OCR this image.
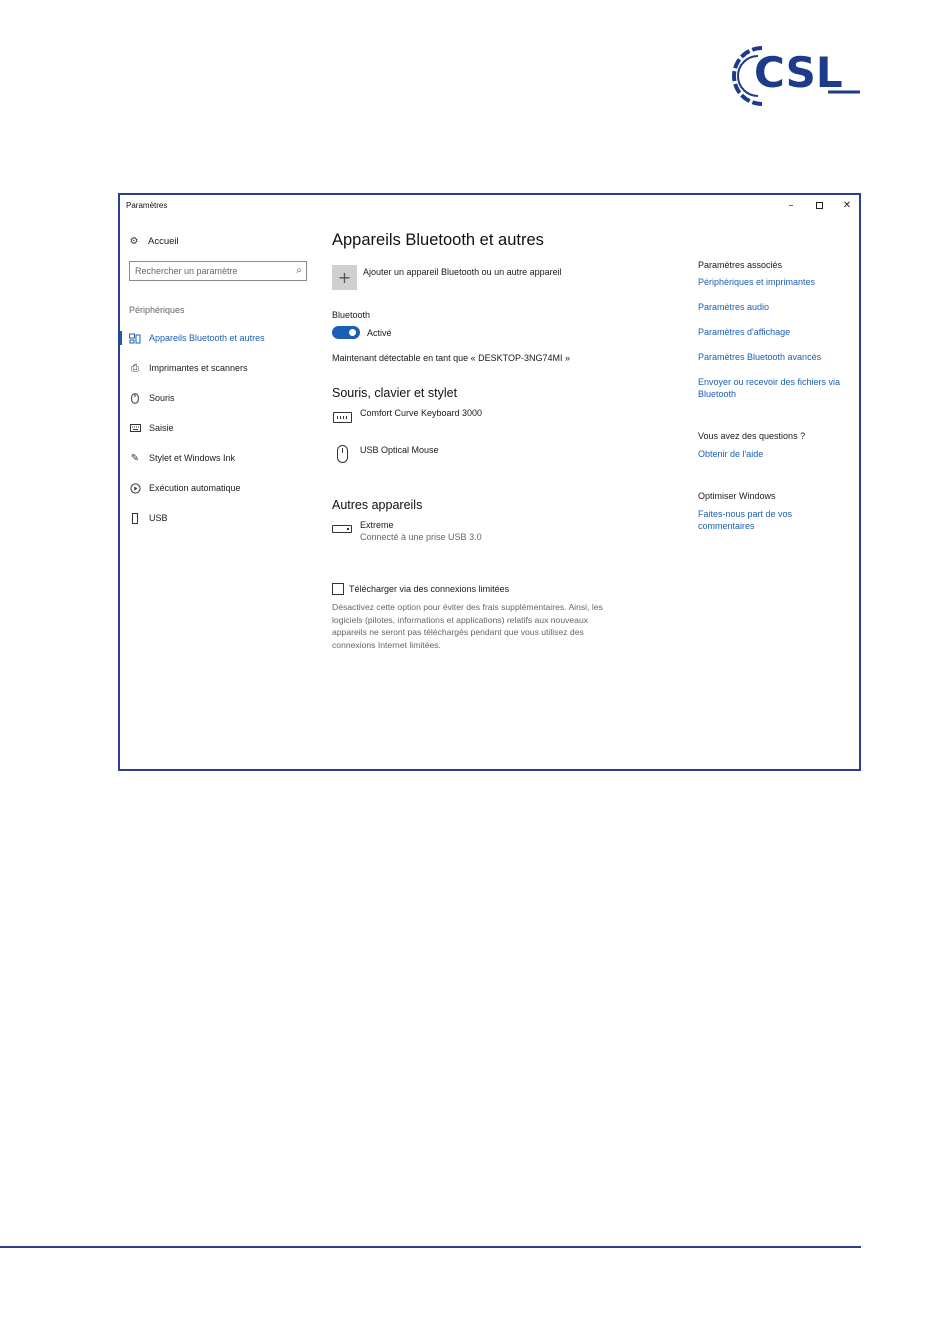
CSL
Paramètres	–	✕
⚙ Accueil
Rechercher un paramètre
⌕
Périphériques
Appareils Bluetooth et autres
⎙ Imprimantes et scanners
Souris
Saisie
✎ Stylet et Windows Ink
Exécution automatique
USB
Appareils Bluetooth et autres
+	Ajouter un appareil Bluetooth ou un autre appareil
Bluetooth
Activé
Maintenant détectable en tant que « DESKTOP-3NG74MI »
Souris, clavier et stylet
Comfort Curve Keyboard 3000
USB Optical Mouse
Autres appareils
Extreme
Connecté à une prise USB 3.0
Télécharger via des connexions limitées
Désactivez cette option pour éviter des frais supplémentaires. Ainsi, les logiciels (pilotes, informations et applications) relatifs aux nouveaux appareils ne seront pas téléchargés pendant que vous utilisez des connexions Internet limitées.
Paramètres associés
Périphériques et imprimantes
Paramètres audio
Paramètres d'affichage
Paramètres Bluetooth avancés
Envoyer ou recevoir des fichiers via Bluetooth
Vous avez des questions ?
Obtenir de l'aide
Optimiser Windows
Faites-nous part de vos commentaires
